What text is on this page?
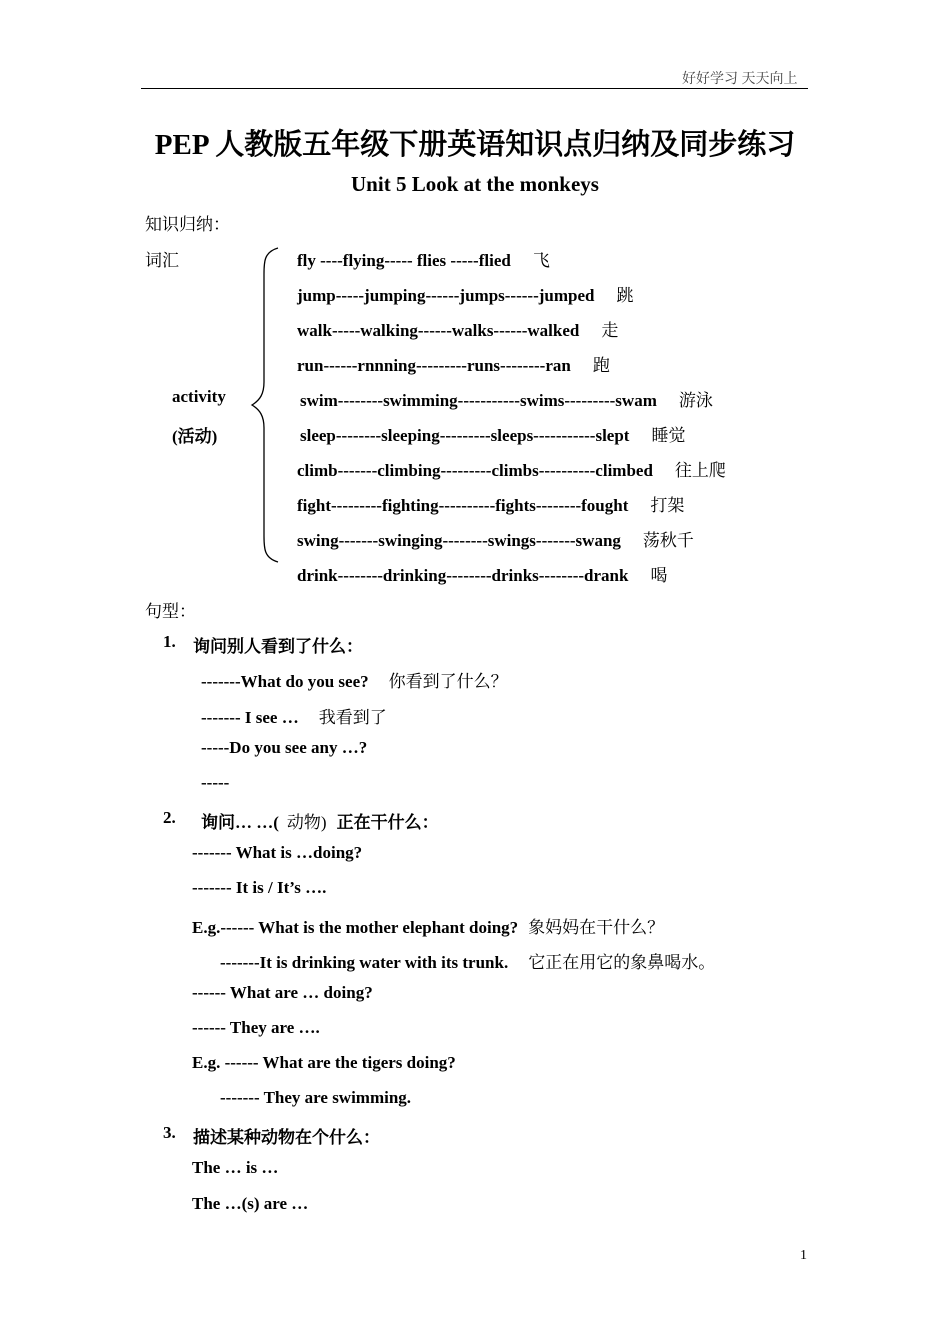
好好学习 天天向上
PEP 人教版五年级下册英语知识点归纳及同步练习
Unit 5 Look at the monkeys
知识归纳：
词汇
activity
(活动)
fly ----flying----- flies -----flied 飞
jump-----jumping------jumps------jumped 跳
walk-----walking------walks------walked 走
run------rnnning---------runs--------ran 跑
swim--------swimming-----------swims---------swam 游泳
sleep--------sleeping---------sleeps-----------slept 睡觉
climb-------climbing---------climbs----------climbed 往上爬
fight---------fighting----------fights--------fought 打架
swing-------swinging--------swings-------swang 荡秋千
drink--------drinking--------drinks--------drank 喝
句型：
1. 询问别人看到了什么：
-------What do you see? 你看到了什么？
------- I see … 我看到了
-----Do you see any …?
-----
2. 询问… …( 动物) 正在干什么：
------- What is …doing?
------- It is / It’s ….
E.g.------ What is the mother elephant doing? 象妈妈在干什么？
-------It is drinking water with its trunk. 它正在用它的象鼻喝水。
------ What are … doing?
------ They are ….
E.g. ------ What are the tigers doing?
------- They are swimming.
3. 描述某种动物在个什么：
The … is …
The …(s) are …
1
